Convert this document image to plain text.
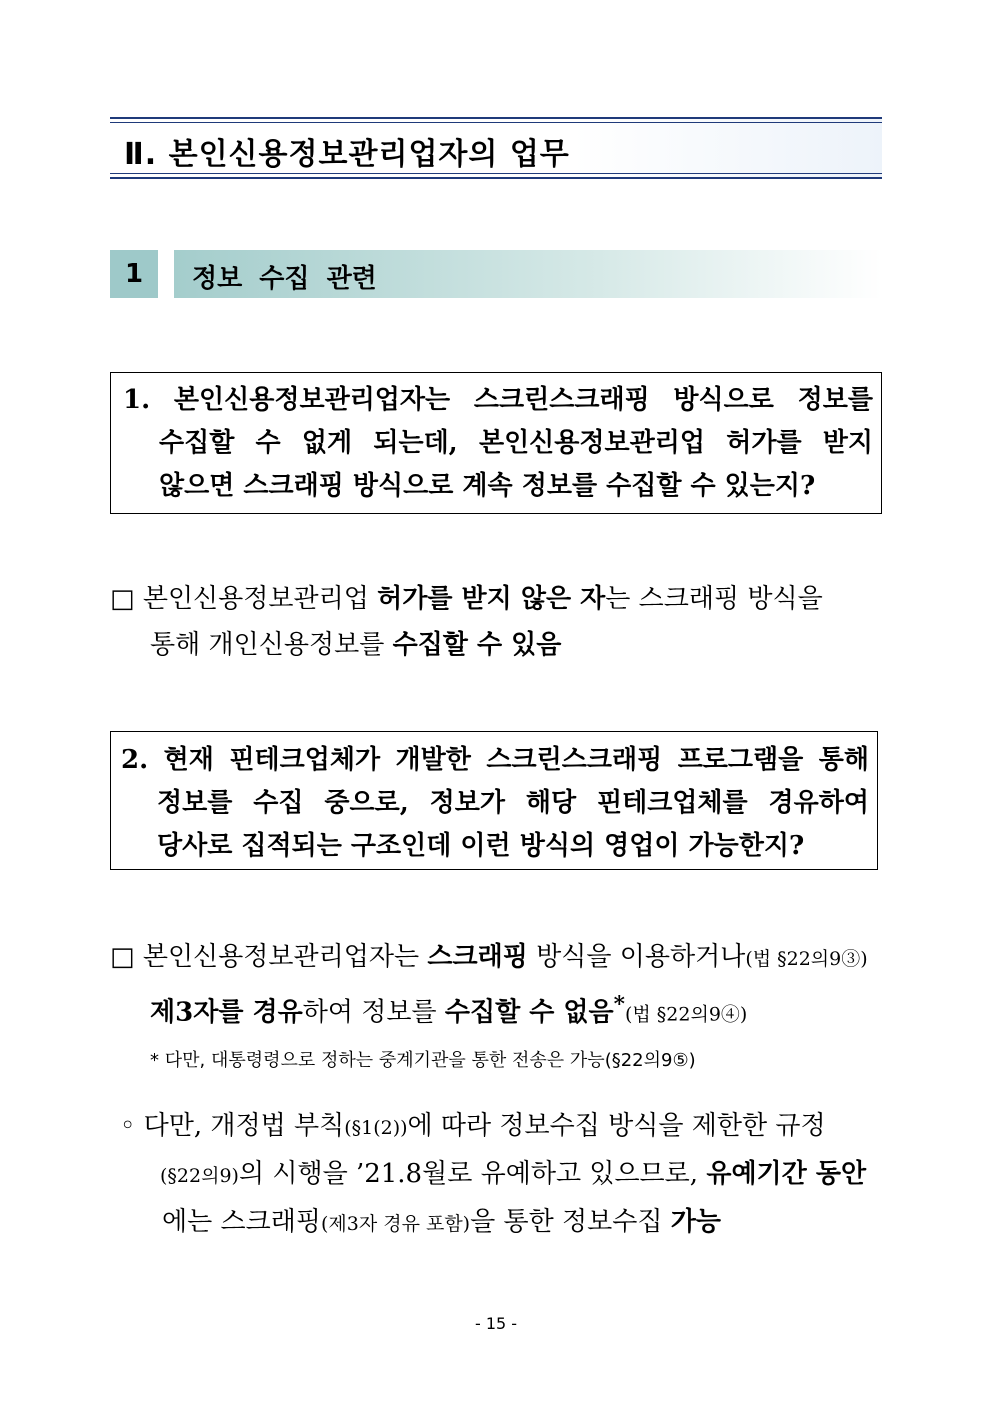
Ⅱ. 본인신용정보관리업자의 업무
1	정보 수집 관련
1. 본인신용정보관리업자는 스크린스크래핑 방식으로 정보를
수집할 수 없게 되는데, 본인신용정보관리업 허가를 받지
않으면 스크래핑 방식으로 계속 정보를 수집할 수 있는지?
□ 본인신용정보관리업 허가를 받지 않은 자는 스크래핑 방식을
통해 개인신용정보를 수집할 수 있음
2. 현재 핀테크업체가 개발한 스크린스크래핑 프로그램을 통해
정보를 수집 중으로, 정보가 해당 핀테크업체를 경유하여
당사로 집적되는 구조인데 이런 방식의 영업이 가능한지?
□ 본인신용정보관리업자는 스크래핑 방식을 이용하거나(법 §22의9③)
제3자를 경유하여 정보를 수집할 수 없음*(법 §22의9④)
* 다만, 대통령령으로 정하는 중계기관을 통한 전송은 가능(§22의9⑤)
◦ 다만, 개정법 부칙(§1(2))에 따라 정보수집 방식을 제한한 규정
(§22의9)의 시행을 ’21.8월로 유예하고 있으므로, 유예기간 동안
에는 스크래핑(제3자 경유 포함)을 통한 정보수집 가능
- 15 -
